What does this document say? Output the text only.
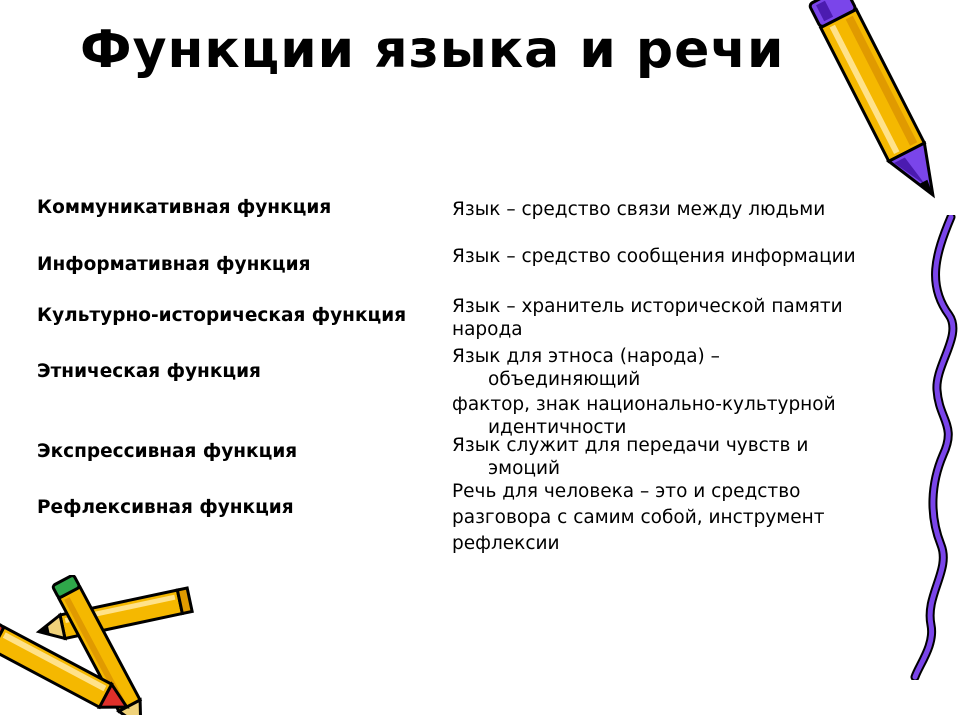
Функции языка и речи

Коммуникативная функция

Информативная функция

Культурно-историческая функция

Этническая функция

Экспрессивная функция

Рефлексивная функция

Язык – средство связи между людьми
Язык – средство сообщения информации
Язык – хранитель исторической памяти
народа
Язык для этноса (народа) –
объединяющий
фактор, знак национально-культурной
идентичности
Язык служит для передачи чувств и
эмоций
Речь для человека – это и средство
разговора с самим собой, инструмент
рефлексии
